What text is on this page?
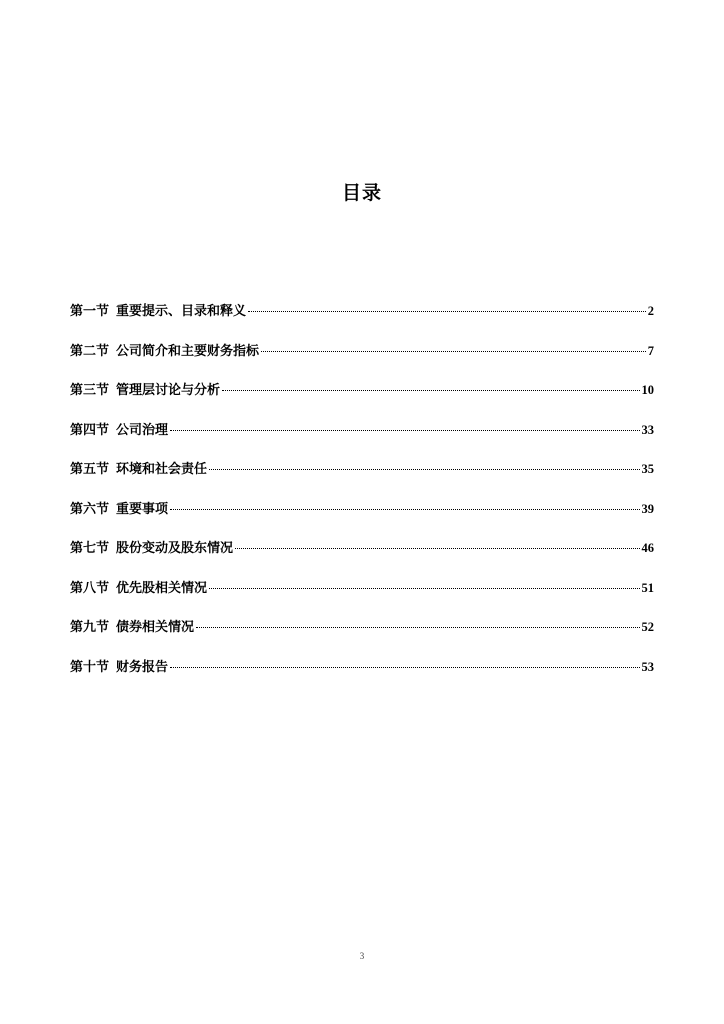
目录
第一节 重要提示、目录和释义	2
第二节 公司简介和主要财务指标	7
第三节 管理层讨论与分析	10
第四节 公司治理	33
第五节 环境和社会责任	35
第六节 重要事项	39
第七节 股份变动及股东情况	46
第八节 优先股相关情况	51
第九节 债券相关情况	52
第十节 财务报告	53
3
